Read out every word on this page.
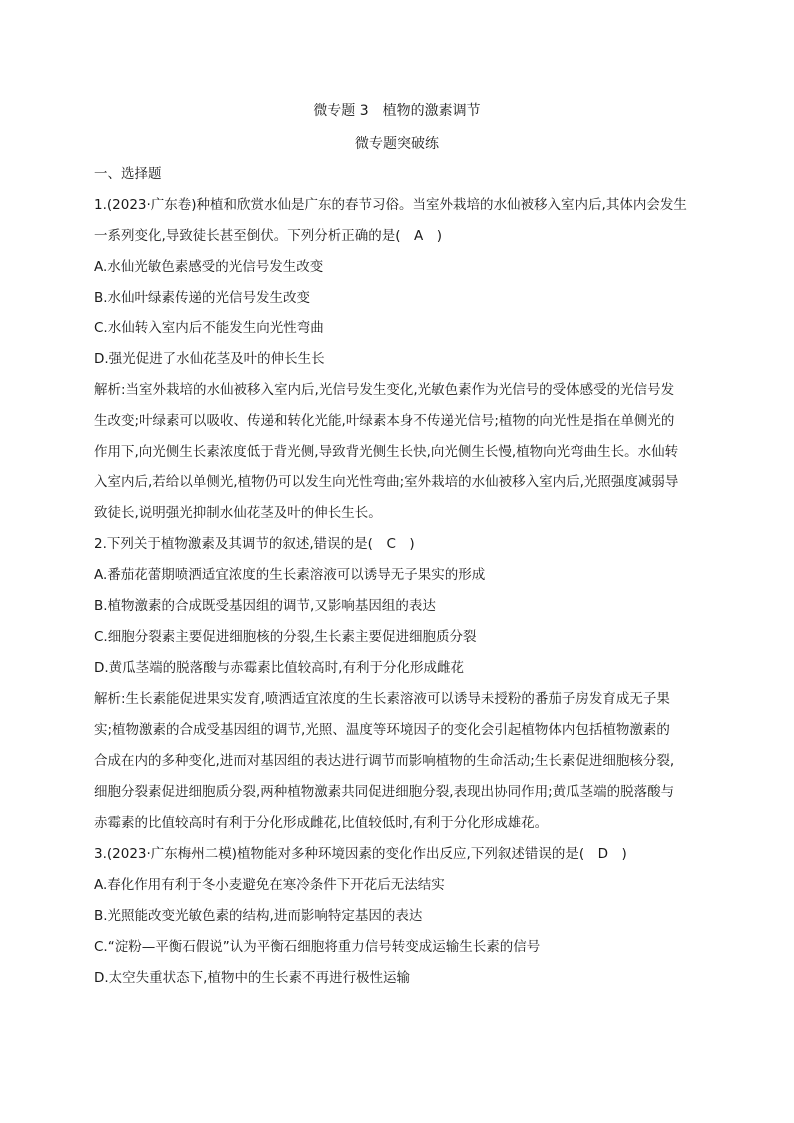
微专题 3　植物的激素调节
微专题突破练
一、选择题
1.(2023·广东卷)种植和欣赏水仙是广东的春节习俗。当室外栽培的水仙被移入室内后,其体内会发生
一系列变化,导致徒长甚至倒伏。下列分析正确的是(　A　)
A.水仙光敏色素感受的光信号发生改变
B.水仙叶绿素传递的光信号发生改变
C.水仙转入室内后不能发生向光性弯曲
D.强光促进了水仙花茎及叶的伸长生长
解析:当室外栽培的水仙被移入室内后,光信号发生变化,光敏色素作为光信号的受体感受的光信号发
生改变;叶绿素可以吸收、传递和转化光能,叶绿素本身不传递光信号;植物的向光性是指在单侧光的
作用下,向光侧生长素浓度低于背光侧,导致背光侧生长快,向光侧生长慢,植物向光弯曲生长。水仙转
入室内后,若给以单侧光,植物仍可以发生向光性弯曲;室外栽培的水仙被移入室内后,光照强度减弱导
致徒长,说明强光抑制水仙花茎及叶的伸长生长。
2.下列关于植物激素及其调节的叙述,错误的是(　C　)
A.番茄花蕾期喷洒适宜浓度的生长素溶液可以诱导无子果实的形成
B.植物激素的合成既受基因组的调节,又影响基因组的表达
C.细胞分裂素主要促进细胞核的分裂,生长素主要促进细胞质分裂
D.黄瓜茎端的脱落酸与赤霉素比值较高时,有利于分化形成雌花
解析:生长素能促进果实发育,喷洒适宜浓度的生长素溶液可以诱导未授粉的番茄子房发育成无子果
实;植物激素的合成受基因组的调节,光照、温度等环境因子的变化会引起植物体内包括植物激素的
合成在内的多种变化,进而对基因组的表达进行调节而影响植物的生命活动;生长素促进细胞核分裂,
细胞分裂素促进细胞质分裂,两种植物激素共同促进细胞分裂,表现出协同作用;黄瓜茎端的脱落酸与
赤霉素的比值较高时有利于分化形成雌花,比值较低时,有利于分化形成雄花。
3.(2023·广东梅州二模)植物能对多种环境因素的变化作出反应,下列叙述错误的是(　D　)
A.春化作用有利于冬小麦避免在寒冷条件下开花后无法结实
B.光照能改变光敏色素的结构,进而影响特定基因的表达
C.“淀粉—平衡石假说”认为平衡石细胞将重力信号转变成运输生长素的信号
D.太空失重状态下,植物中的生长素不再进行极性运输
